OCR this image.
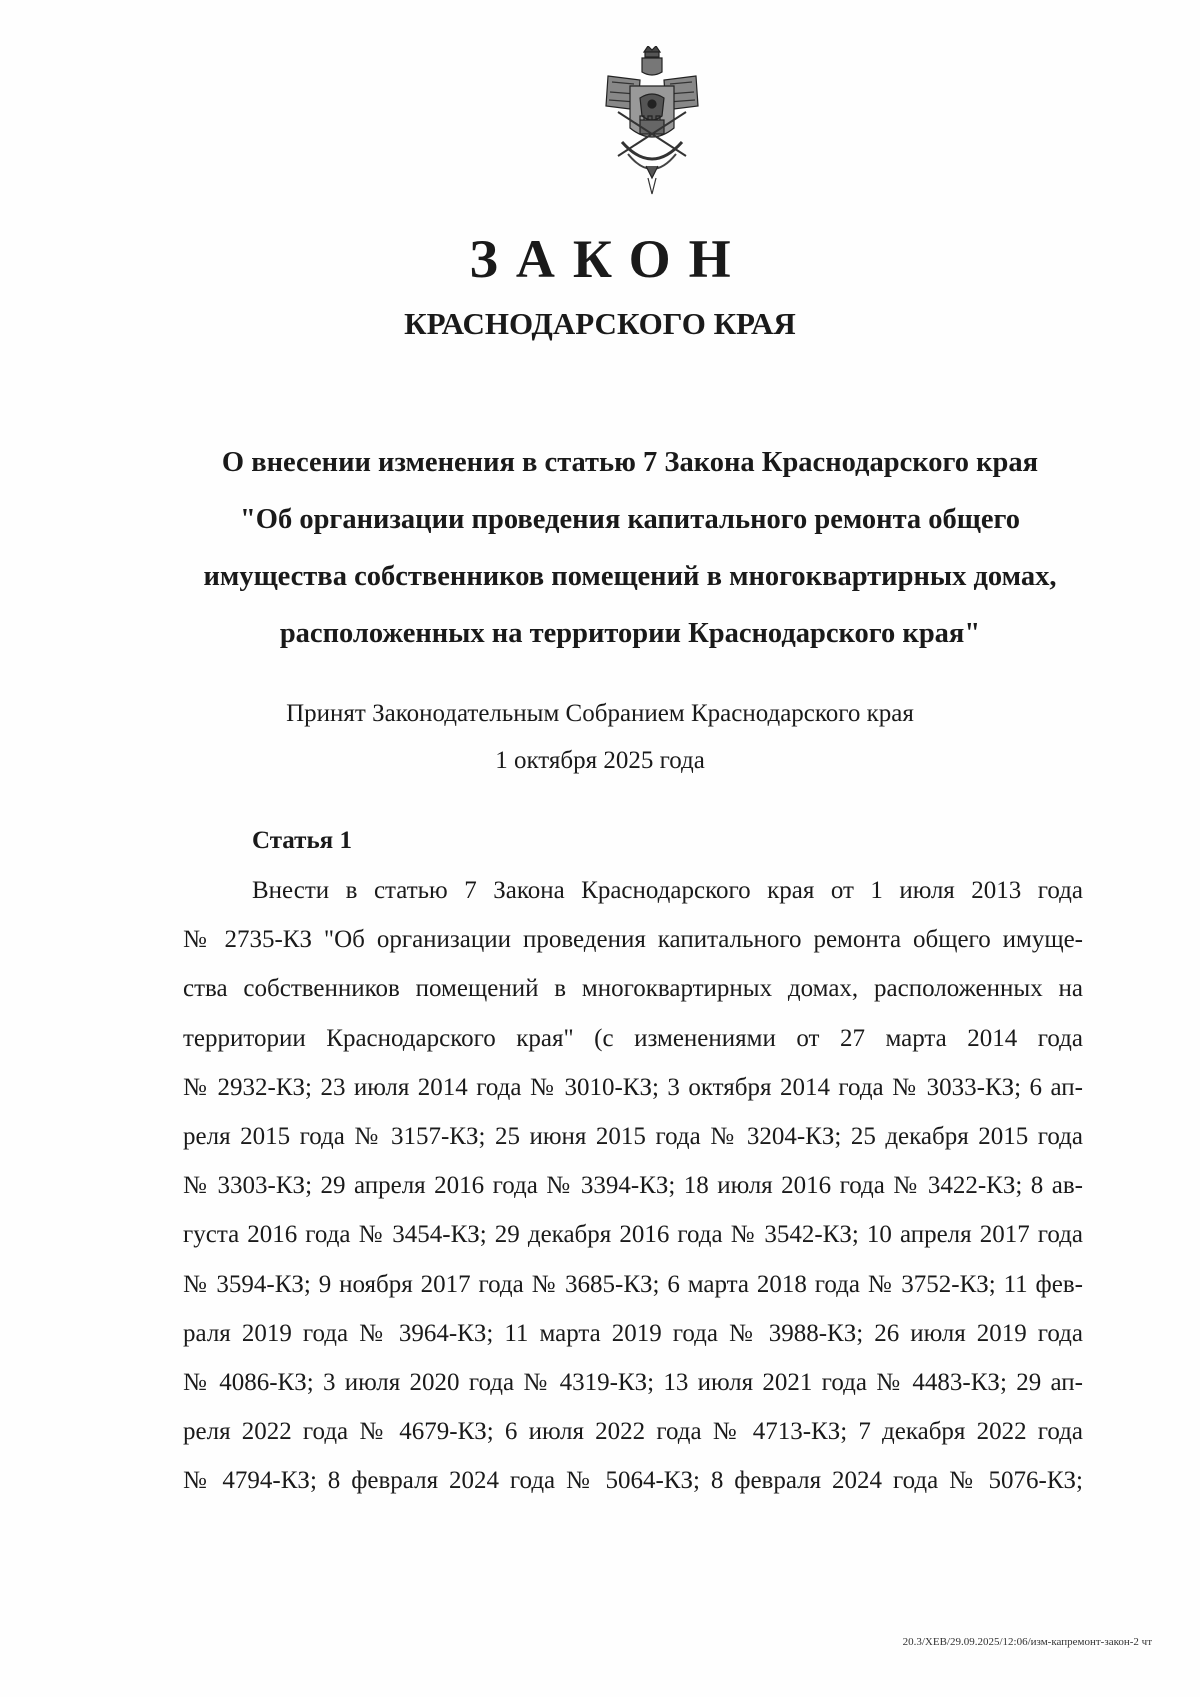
ЗАКОН
КРАСНОДАРСКОГО КРАЯ
О внесении изменения в статью 7 Закона Краснодарского края
"Об организации проведения капитального ремонта общего
имущества собственников помещений в многоквартирных домах,
расположенных на территории Краснодарского края"
Принят Законодательным Собранием Краснодарского края
1 октября 2025 года
Статья 1
Внести в статью 7 Закона Краснодарского края от 1 июля 2013 года
№ 2735-КЗ "Об организации проведения капитального ремонта общего имуще-
ства собственников помещений в многоквартирных домах, расположенных на
территории Краснодарского края" (с изменениями от 27 марта 2014 года
№ 2932-КЗ; 23 июля 2014 года № 3010-КЗ; 3 октября 2014 года № 3033-КЗ; 6 ап-
реля 2015 года № 3157-КЗ; 25 июня 2015 года № 3204-КЗ; 25 декабря 2015 года
№ 3303-КЗ; 29 апреля 2016 года № 3394-КЗ; 18 июля 2016 года № 3422-КЗ; 8 ав-
густа 2016 года № 3454-КЗ; 29 декабря 2016 года № 3542-КЗ; 10 апреля 2017 года
№ 3594-КЗ; 9 ноября 2017 года № 3685-КЗ; 6 марта 2018 года № 3752-КЗ; 11 фев-
раля 2019 года № 3964-КЗ; 11 марта 2019 года № 3988-КЗ; 26 июля 2019 года
№ 4086-КЗ; 3 июля 2020 года № 4319-КЗ; 13 июля 2021 года № 4483-КЗ; 29 ап-
реля 2022 года № 4679-КЗ; 6 июля 2022 года № 4713-КЗ; 7 декабря 2022 года
№ 4794-КЗ; 8 февраля 2024 года № 5064-КЗ; 8 февраля 2024 года № 5076-КЗ;
20.3/ХЕВ/29.09.2025/12:06/изм-капремонт-закон-2 чт
